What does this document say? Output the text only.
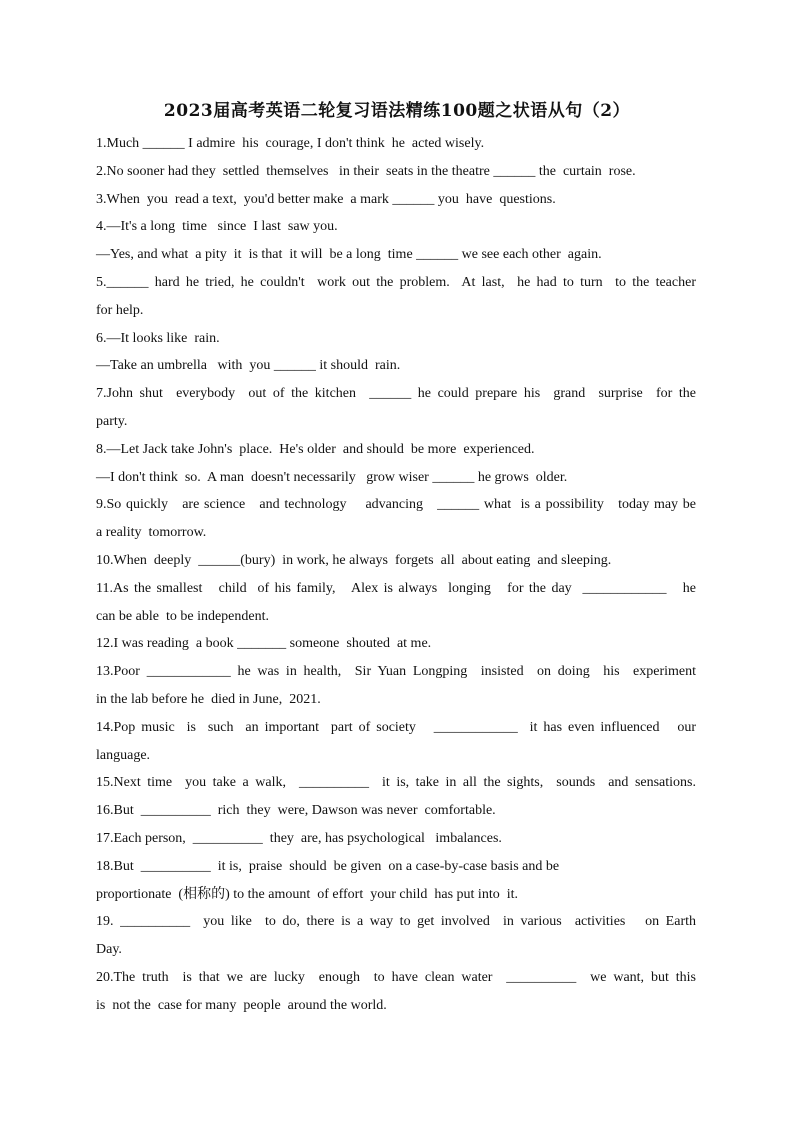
2023届高考英语二轮复习语法精练100题之状语从句（2）
1.Much ______ I admire  his  courage, I don't think  he  acted wisely.
2.No sooner had they  settled  themselves   in their  seats in the theatre ______ the  curtain  rose.
3.When  you  read a text,  you'd better make  a mark ______ you  have  questions.
4.—It's a long  time   since  I last  saw you.
—Yes, and what  a pity  it  is that  it will  be a long  time ______ we see each other  again.
5.______ hard he tried, he couldn't  work out the problem.  At last,  he had to turn  to the teacher
for help.
6.—It looks like  rain.
—Take an umbrella   with  you ______ it should  rain.
7.John shut  everybody  out of the kitchen  ______ he could prepare his  grand  surprise  for the
party.
8.—Let Jack take John's  place.  He's older  and should  be more  experienced.
—I don't think  so.  A man  doesn't necessarily   grow wiser ______ he grows  older.
9.So quickly   are science   and technology    advancing   ______ what  is a possibility   today may be
a reality  tomorrow.
10.When  deeply  ______(bury)  in work, he always  forgets  all  about eating  and sleeping.
11.As the smallest   child  of his family,   Alex is always  longing   for the day  ____________   he
can be able  to be independent.
12.I was reading  a book _______ someone  shouted  at me.
13.Poor ____________ he was in health,  Sir Yuan Longping  insisted  on doing  his  experiment
in the lab before he  died in June,  2021.
14.Pop music  is  such  an important  part of society   ____________  it has even influenced   our
language.
15.Next time  you take a walk,  __________  it is, take in all the sights,  sounds  and sensations.
16.But  __________  rich  they  were, Dawson was never  comfortable.
17.Each person,  __________  they  are, has psychological   imbalances.
18.But  __________  it is,  praise  should  be given  on a case-by-case basis and be
proportionate  (相称的) to the amount  of effort  your child  has put into  it.
19. __________  you like  to do, there is a way to get involved  in various  activities   on Earth
Day.
20.The truth  is that we are lucky  enough  to have clean water  __________  we want, but this
is  not the  case for many  people  around the world.
